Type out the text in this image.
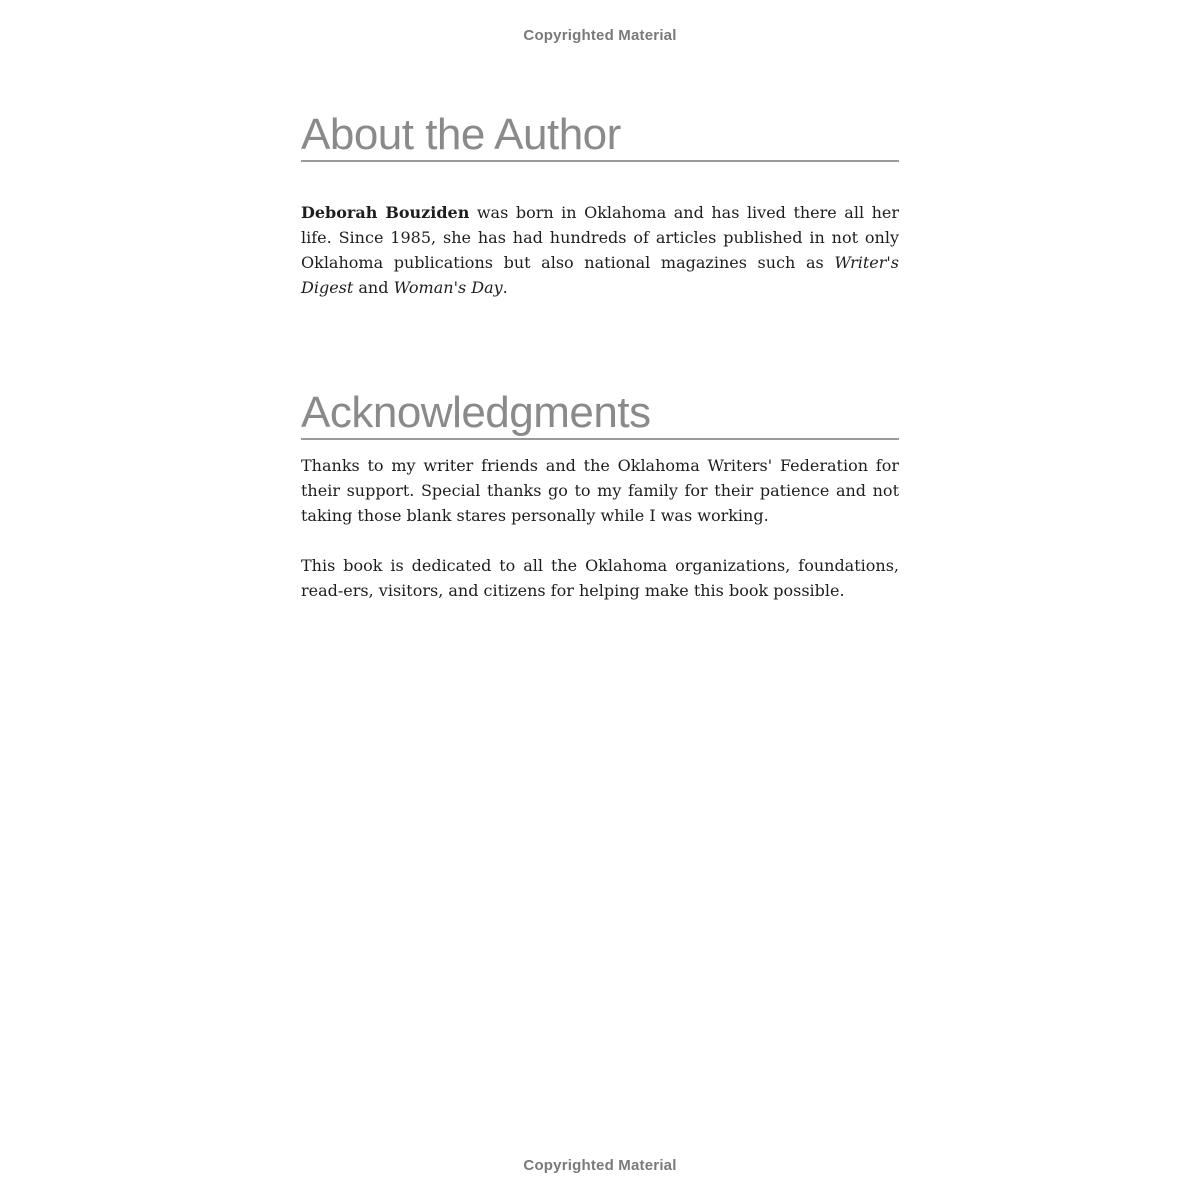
Copyrighted Material
About the Author

Deborah Bouziden was born in Oklahoma and has lived there all her life. Since 1985, she has had hundreds of articles published in not only Oklahoma publications but also national magazines such as Writer's Digest and Woman's Day.

Acknowledgments

Thanks to my writer friends and the Oklahoma Writers' Federation for their support. Special thanks go to my family for their patience and not taking those blank stares personally while I was working.

This book is dedicated to all the Oklahoma organizations, foundations, read-ers, visitors, and citizens for helping make this book possible.

Copyrighted Material
